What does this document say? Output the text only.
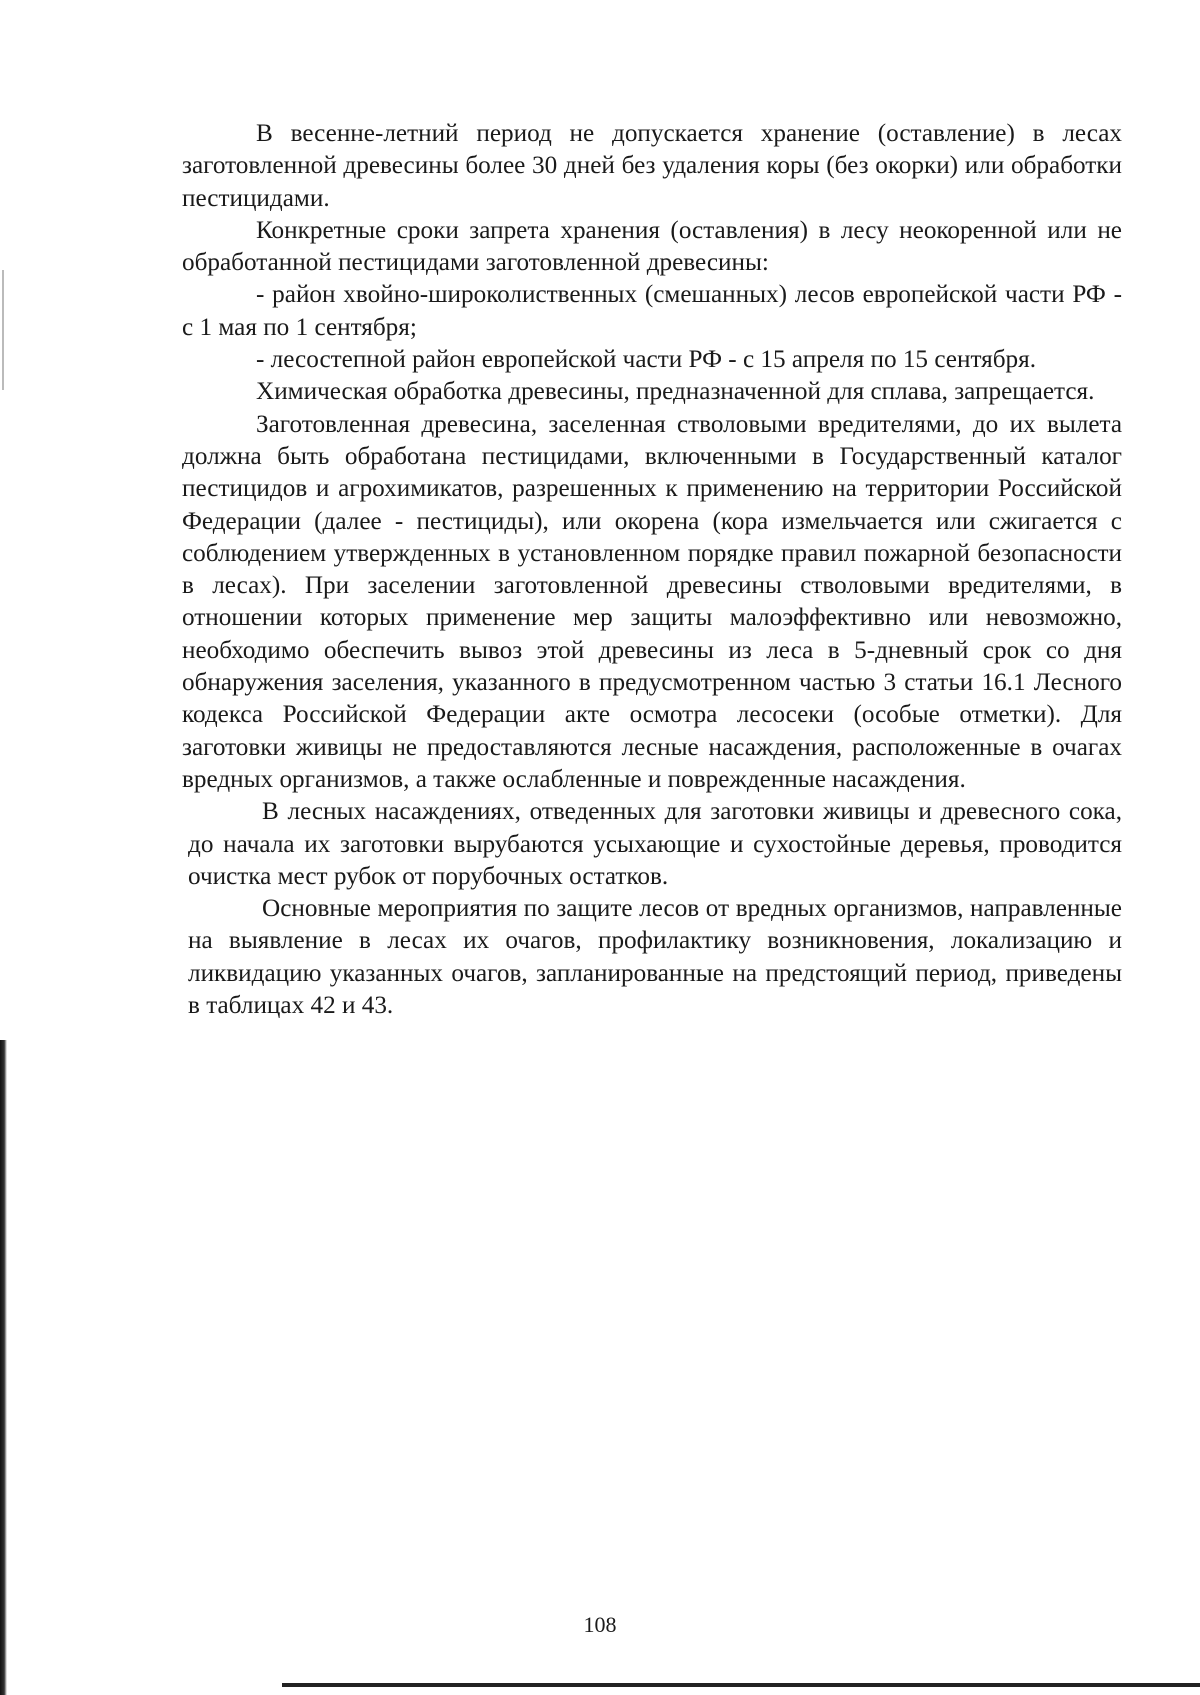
В весенне-летний период не допускается хранение (оставление) в лесах заготовленной древесины более 30 дней без удаления коры (без окорки) или обработки пестицидами.

Конкретные сроки запрета хранения (оставления) в лесу неокоренной или не обработанной пестицидами заготовленной древесины:

- район хвойно-широколиственных (смешанных) лесов европейской части РФ - с 1 мая по 1 сентября;

- лесостепной район европейской части РФ - с 15 апреля по 15 сентября.

Химическая обработка древесины, предназначенной для сплава, запрещается.

Заготовленная древесина, заселенная стволовыми вредителями, до их вылета должна быть обработана пестицидами, включенными в Государственный каталог пестицидов и агрохимикатов, разрешенных к применению на территории Российской Федерации (далее - пестициды), или окорена (кора измельчается или сжигается с соблюдением утвержденных в установленном порядке правил пожарной безопасности в лесах). При заселении заготовленной древесины стволовыми вредителями, в отношении которых применение мер защиты малоэффективно или невозможно, необходимо обеспечить вывоз этой древесины из леса в 5-дневный срок со дня обнаружения заселения, указанного в предусмотренном частью 3 статьи 16.1 Лесного кодекса Российской Федерации акте осмотра лесосеки (особые отметки). Для заготовки живицы не предоставляются лесные насаждения, расположенные в очагах вредных организмов, а также ослабленные и поврежденные насаждения.

В лесных насаждениях, отведенных для заготовки живицы и древесного сока, до начала их заготовки вырубаются усыхающие и сухостойные деревья, проводится очистка мест рубок от порубочных остатков.

Основные мероприятия по защите лесов от вредных организмов, направленные на выявление в лесах их очагов, профилактику возникновения, локализацию и ликвидацию указанных очагов, запланированные на предстоящий период, приведены в таблицах 42 и 43.

108
